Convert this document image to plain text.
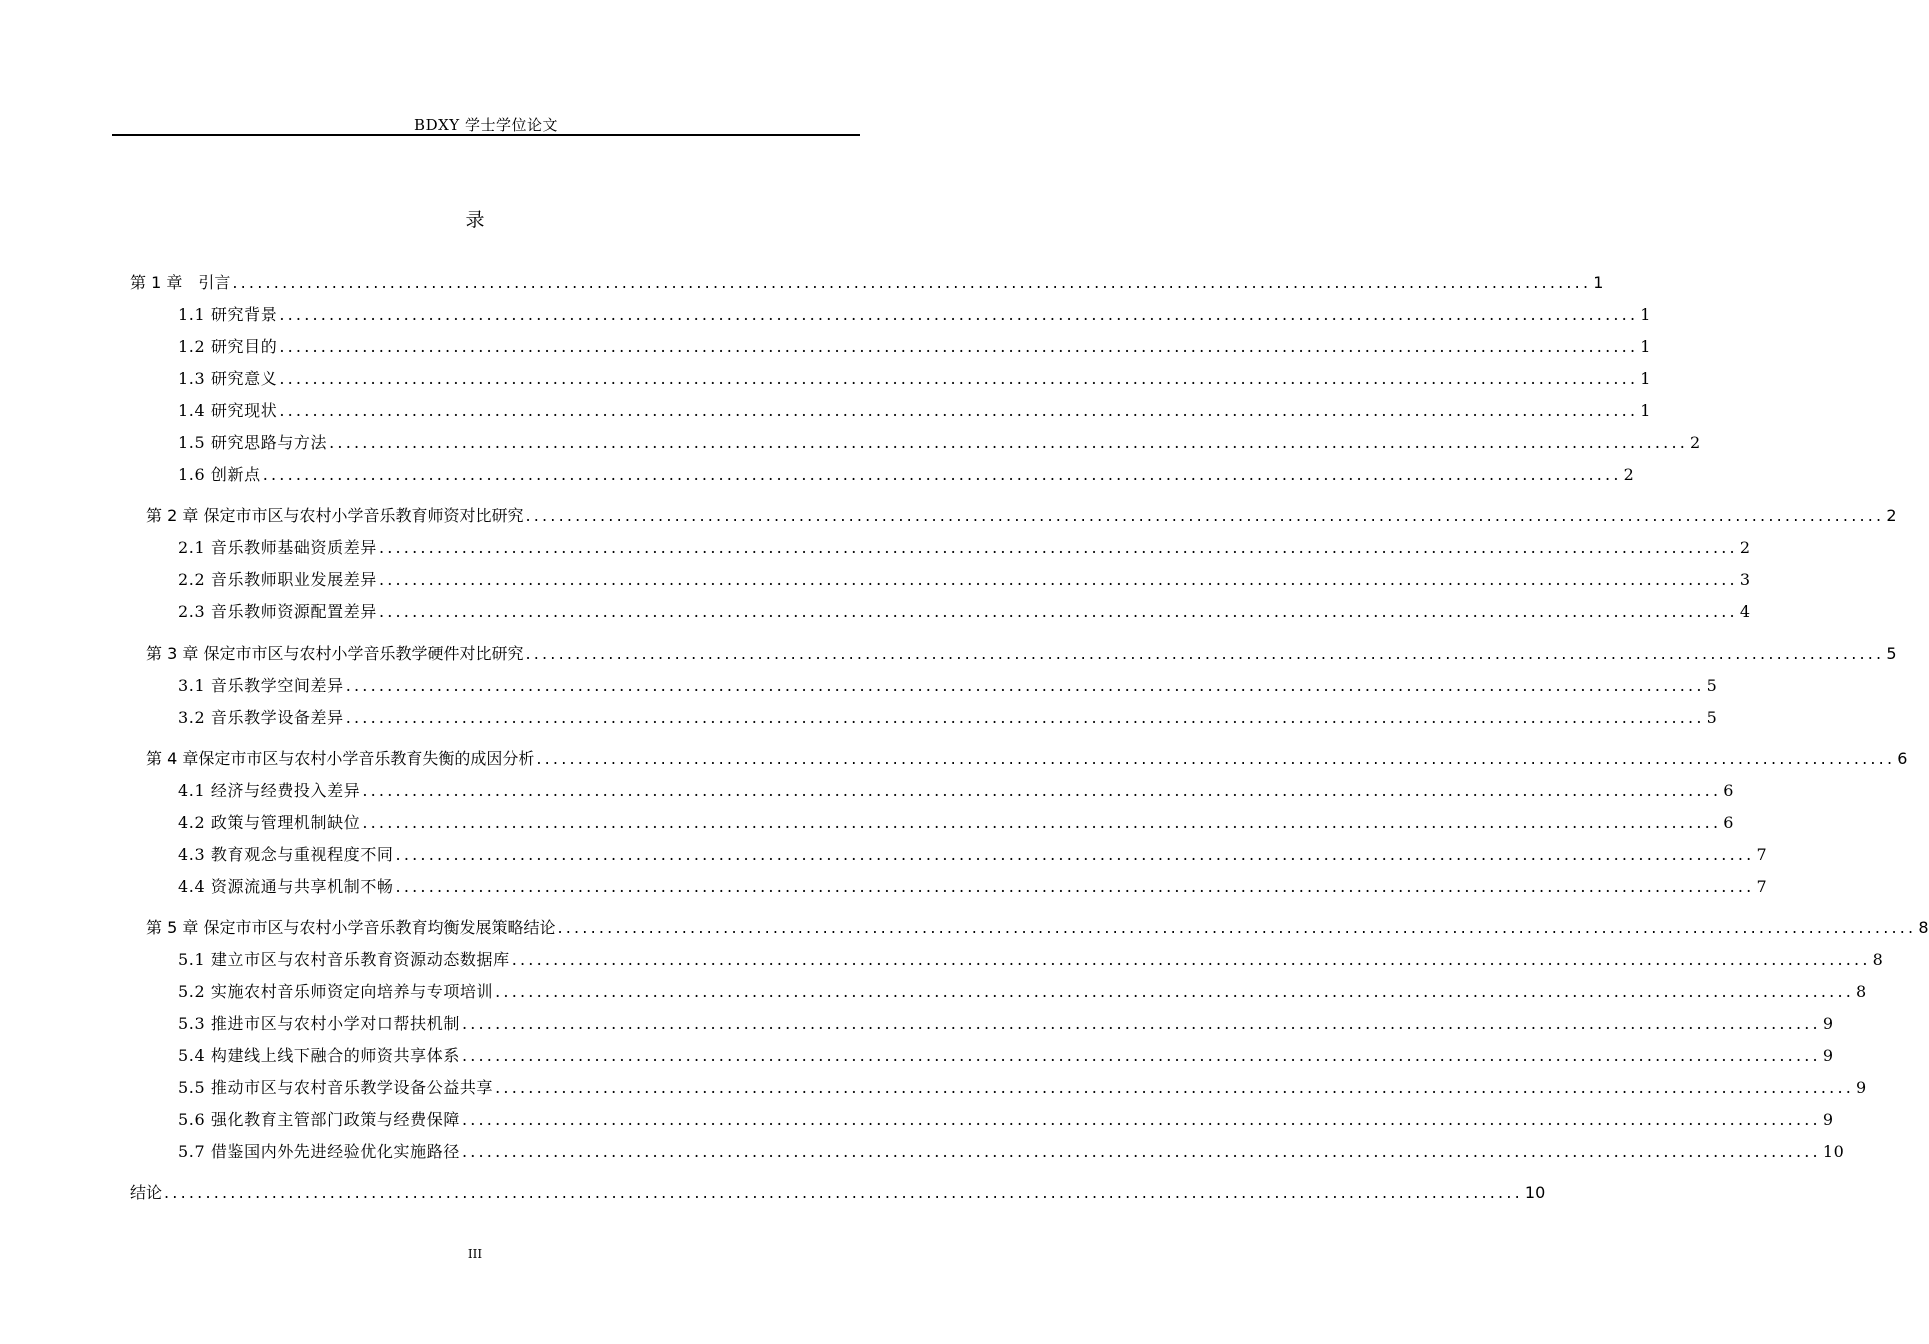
BDXY 学士学位论文
录
第 1 章　引言 .................................................................................................................................................................... 1
1.1 研究背景 .................................................................................................................................................................... 1
1.2 研究目的 .................................................................................................................................................................... 1
1.3 研究意义 .................................................................................................................................................................... 1
1.4 研究现状 .................................................................................................................................................................... 1
1.5 研究思路与方法 .................................................................................................................................................................... 2
1.6 创新点 .................................................................................................................................................................... 2
第 2 章 保定市市区与农村小学音乐教育师资对比研究 .................................................................................................................................................................... 2
2.1 音乐教师基础资质差异 .................................................................................................................................................................... 2
2.2 音乐教师职业发展差异 .................................................................................................................................................................... 3
2.3 音乐教师资源配置差异 .................................................................................................................................................................... 4
第 3 章 保定市市区与农村小学音乐教学硬件对比研究 .................................................................................................................................................................... 5
3.1 音乐教学空间差异 .................................................................................................................................................................... 5
3.2 音乐教学设备差异 .................................................................................................................................................................... 5
第 4 章保定市市区与农村小学音乐教育失衡的成因分析 .................................................................................................................................................................... 6
4.1 经济与经费投入差异 .................................................................................................................................................................... 6
4.2 政策与管理机制缺位 .................................................................................................................................................................... 6
4.3 教育观念与重视程度不同 .................................................................................................................................................................... 7
4.4 资源流通与共享机制不畅 .................................................................................................................................................................... 7
第 5 章 保定市市区与农村小学音乐教育均衡发展策略结论 .................................................................................................................................................................... 8
5.1 建立市区与农村音乐教育资源动态数据库 .................................................................................................................................................................... 8
5.2 实施农村音乐师资定向培养与专项培训 .................................................................................................................................................................... 8
5.3 推进市区与农村小学对口帮扶机制 .................................................................................................................................................................... 9
5.4 构建线上线下融合的师资共享体系 .................................................................................................................................................................... 9
5.5 推动市区与农村音乐教学设备公益共享 .................................................................................................................................................................... 9
5.6 强化教育主管部门政策与经费保障 .................................................................................................................................................................... 9
5.7 借鉴国内外先进经验优化实施路径 .................................................................................................................................................................... 10
结论 .................................................................................................................................................................... 10
III
